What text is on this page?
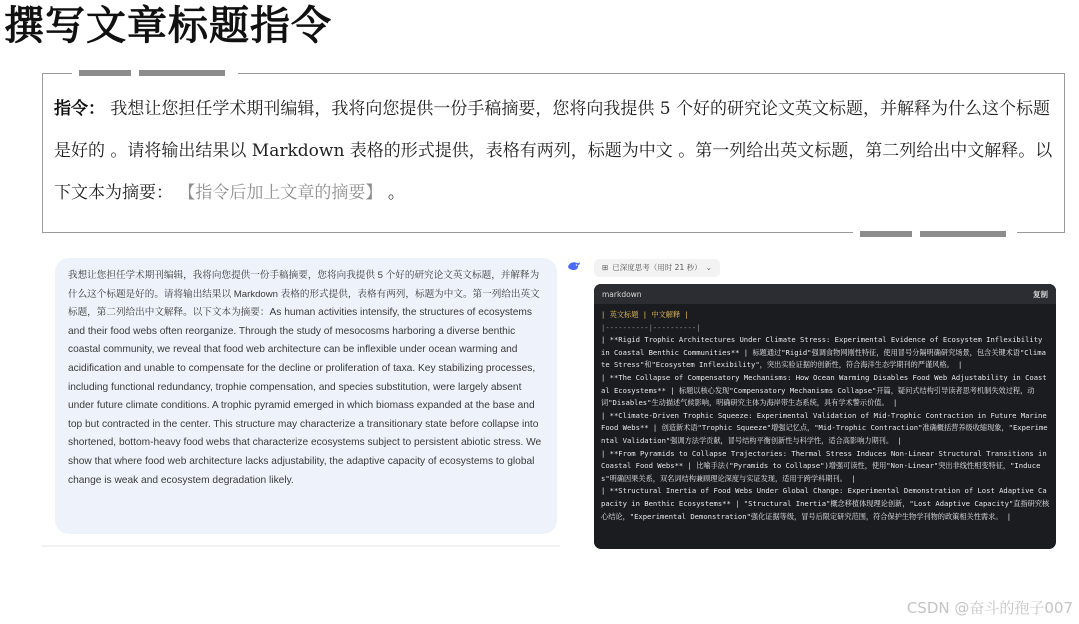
撰写文章标题指令
指令： 我想让您担任学术期刊编辑，我将向您提供一份手稿摘要，您将向我提供 5 个好的研究论文英文标题，并解释为什么这个标题是好的 。请将输出结果以 Markdown 表格的形式提供，表格有两列，标题为中文 。第一列给出英文标题，第二列给出中文解释。以下文本为摘要： 【指令后加上文章的摘要】 。
我想让您担任学术期刊编辑，我将向您提供一份手稿摘要，您将向我提供 5 个好的研究论文英文标题，并解释为什么这个标题是好的。请将输出结果以 Markdown 表格的形式提供，表格有两列，标题为中文。第一列给出英文标题，第二列给出中文解释。以下文本为摘要：As human activities intensify, the structures of ecosystems and their food webs often reorganize. Through the study of mesocosms harboring a diverse benthic coastal community, we reveal that food web architecture can be inflexible under ocean warming and acidification and unable to compensate for the decline or proliferation of taxa. Key stabilizing processes, including functional redundancy, trophie compensation, and species substitution, were largely absent under future climate conditions. A trophic pyramid emerged in which biomass expanded at the base and top but contracted in the center. This structure may characterize a transitionary state before collapse into shortened, bottom-heavy food webs that characterize ecosystems subject to persistent abiotic stress. We show that where food web architecture lacks adjustability, the adaptive capacity of ecosystems to global change is weak and ecosystem degradation likely.
⊞ 已深度思考（用时 21 秒） ⌄
markdown	复制
| 英文标题 | 中文解释 |
|----------|----------|
| **Rigid Trophic Architectures Under Climate Stress: Experimental Evidence of Ecosystem Inflexibility in Coastal Benthic Communities** | 标题通过"Rigid"强调食物网刚性特征，使用冒号分隔明确研究场景，包含关键术语"Climate Stress"和"Ecosystem Inflexibility"，突出实验证据的创新性，符合海洋生态学期刊的严谨风格。 |
| **The Collapse of Compensatory Mechanisms: How Ocean Warming Disables Food Web Adjustability in Coastal Ecosystems** | 标题以核心发现"Compensatory Mechanisms Collapse"开篇，疑问式结构引导读者思考机制失效过程，动词"Disables"生动描述气候影响，明确研究主体为海岸带生态系统，具有学术警示价值。 |
| **Climate-Driven Trophic Squeeze: Experimental Validation of Mid-Trophic Contraction in Future Marine Food Webs** | 创造新术语"Trophic Squeeze"增强记忆点，"Mid-Trophic Contraction"准确概括营养级收缩现象，"Experimental Validation"强调方法学贡献，冒号结构平衡创新性与科学性，适合高影响力期刊。 |
| **From Pyramids to Collapse Trajectories: Thermal Stress Induces Non-Linear Structural Transitions in Coastal Food Webs** | 比喻手法("Pyramids to Collapse")增强可读性，使用"Non-Linear"突出非线性相变特征，"Induces"明确因果关系，双名词结构兼顾理论深度与实证发现，适用于跨学科期刊。 |
| **Structural Inertia of Food Webs Under Global Change: Experimental Demonstration of Lost Adaptive Capacity in Benthic Ecosystems** | "Structural Inertia"概念移植体现理论创新，"Lost Adaptive Capacity"直指研究核心结论，"Experimental Demonstration"强化证据等级，冒号后限定研究范围，符合保护生物学刊物的政策相关性需求。 |
CSDN @奋斗的孢子007
